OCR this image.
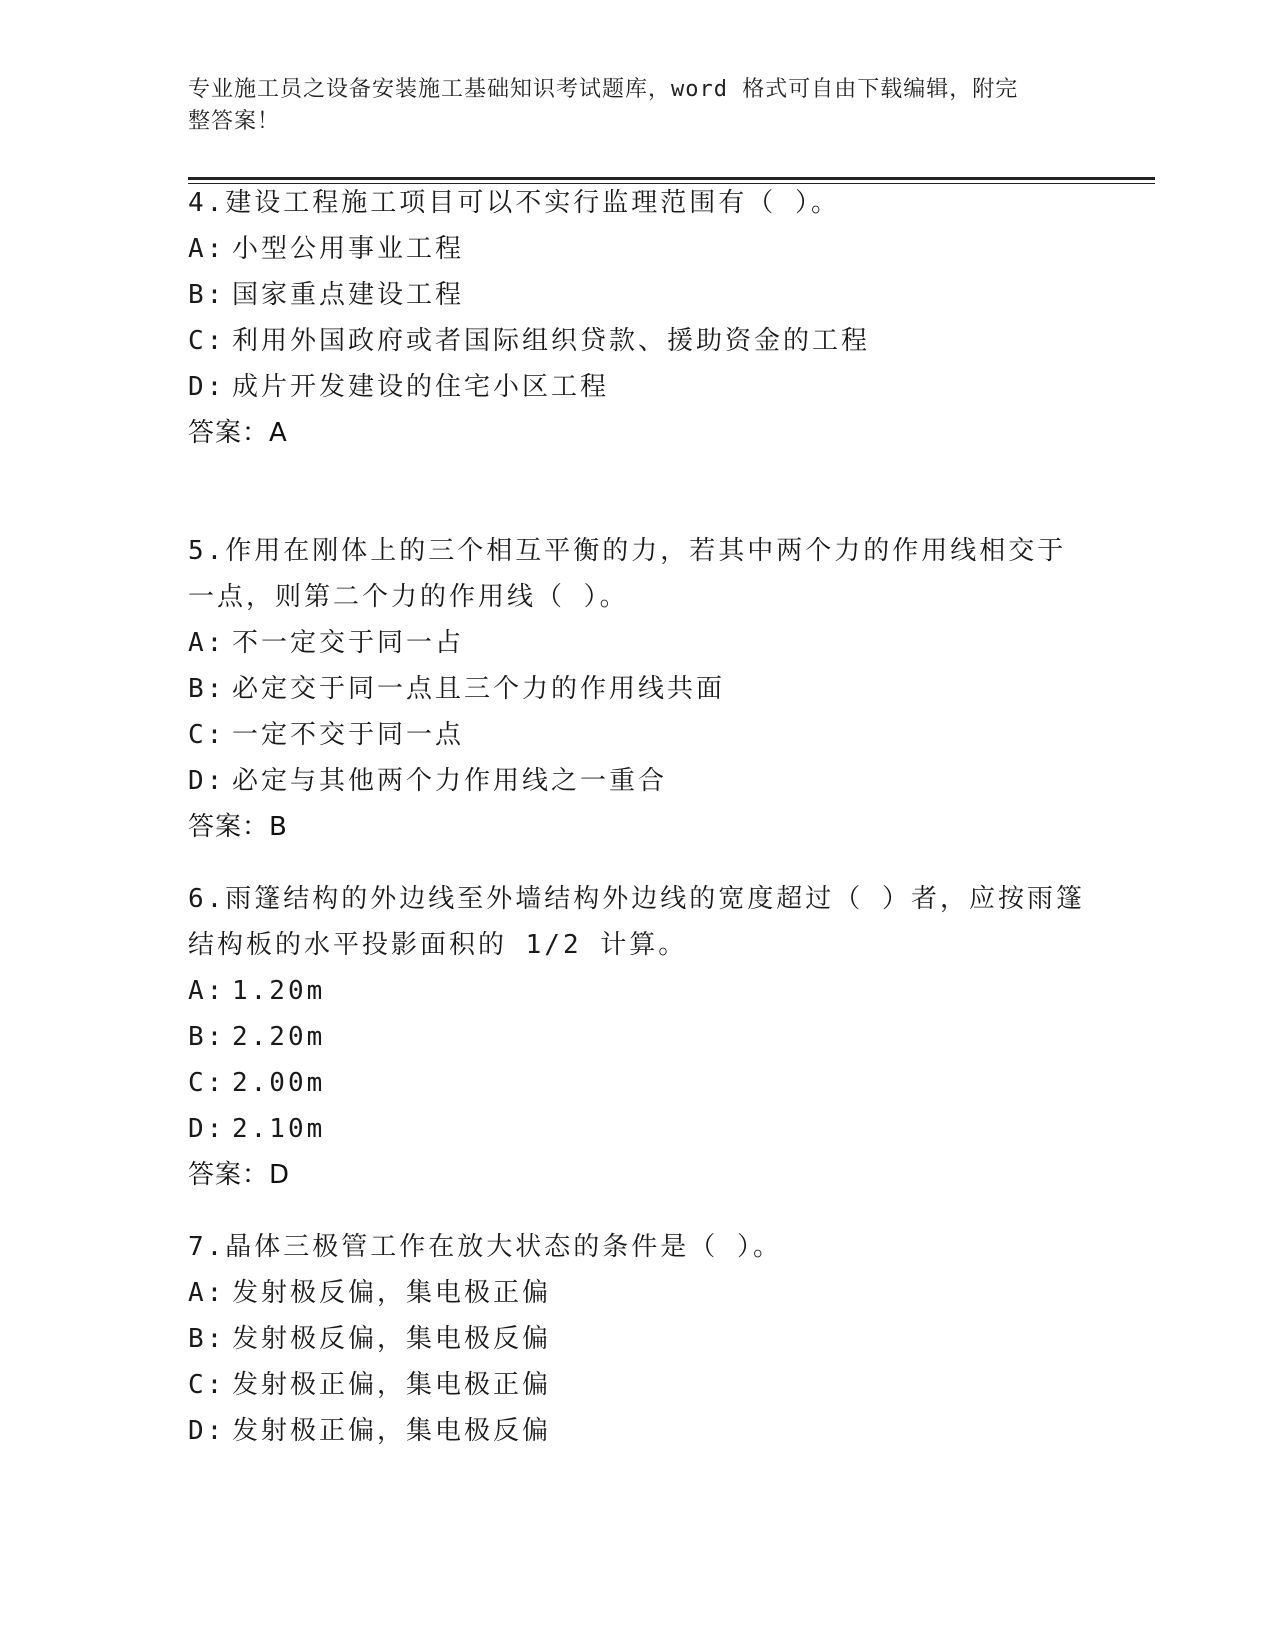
专业施工员之设备安装施工基础知识考试题库，word 格式可自由下载编辑，附完
整答案！

4.建设工程施工项目可以不实行监理范围有（ ）。

A: 小型公用事业工程

B: 国家重点建设工程

C: 利用外国政府或者国际组织贷款、援助资金的工程

D: 成片开发建设的住宅小区工程

答案：A

5.作用在刚体上的三个相互平衡的力，若其中两个力的作用线相交于

一点，则第二个力的作用线（ ）。

A: 不一定交于同一占

B: 必定交于同一点且三个力的作用线共面

C: 一定不交于同一点

D: 必定与其他两个力作用线之一重合

答案：B

6.雨篷结构的外边线至外墙结构外边线的宽度超过（ ）者，应按雨篷

结构板的水平投影面积的 1/2 计算。

A: 1.20m

B: 2.20m

C: 2.00m

D: 2.10m

答案：D

7.晶体三极管工作在放大状态的条件是（ ）。

A: 发射极反偏，集电极正偏

B: 发射极反偏，集电极反偏

C: 发射极正偏，集电极正偏

D: 发射极正偏，集电极反偏
